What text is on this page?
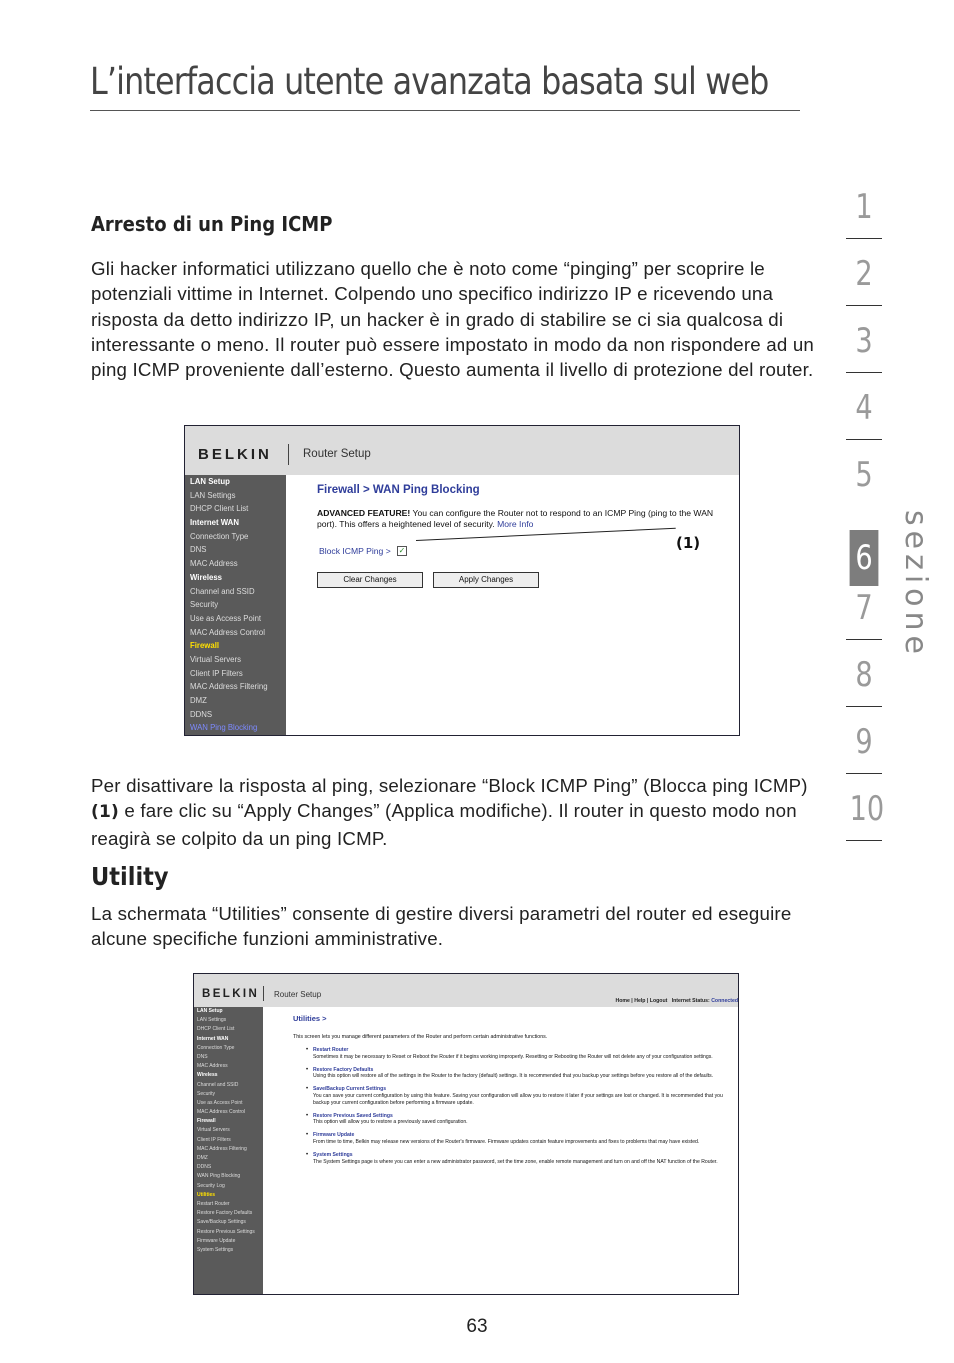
L’interfaccia utente avanzata basata sul web
1
2
3
4
5
6
7
8
9
10
sezione
Arresto di un Ping ICMP

Gli hacker informatici utilizzano quello che è noto come “pinging” per scoprire le potenziali vittime in Internet. Colpendo uno specifico indirizzo IP e ricevendo una risposta da detto indirizzo IP, un hacker è in grado di stabilire se ci sia qualcosa di interessante o meno. Il router può essere impostato in modo da non rispondere ad un ping ICMP proveniente dall’esterno. Questo aumenta il livello di protezione del router.

BELKIN	Router Setup
LAN Setup
LAN Settings
DHCP Client List
Internet WAN
Connection Type
DNS
MAC Address
Wireless
Channel and SSID
Security
Use as Access Point
MAC Address Control
Firewall
Virtual Servers
Client IP Filters
MAC Address Filtering
DMZ
DDNS
WAN Ping Blocking
Firewall > WAN Ping Blocking
ADVANCED FEATURE! You can configure the Router not to respond to an ICMP Ping (ping to the WAN port). This offers a heightened level of security. More Info
Block ICMP Ping > ✓
Clear Changes	Apply Changes
(1)

Per disattivare la risposta al ping, selezionare “Block ICMP Ping” (Blocca ping ICMP) (1) e fare clic su “Apply Changes” (Applica modifiche). Il router in questo modo non reagirà se colpito da un ping ICMP.

Utility

La schermata “Utilities” consente di gestire diversi parametri del router ed eseguire alcune specifiche funzioni amministrative.

BELKIN Router Setup
Home | Help | Logout Internet Status: Connected
LAN Setup
LAN Settings
DHCP Client List
Internet WAN
Connection Type
DNS
MAC Address
Wireless
Channel and SSID
Security
Use as Access Point
MAC Address Control
Firewall
Virtual Servers
Client IP Filters
MAC Address Filtering
DMZ
DDNS
WAN Ping Blocking
Security Log
Utilities
Restart Router
Restore Factory Defaults
Save/Backup Settings
Restore Previous Settings
Firmware Update
System Settings
Utilities >
This screen lets you manage different parameters of the Router and perform certain administrative functions.
• Restart Router
Sometimes it may be necessary to Reset or Reboot the Router if it begins working improperly. Resetting or Rebooting the Router will not delete any of your configuration settings.
• Restore Factory Defaults
Using this option will restore all of the settings in the Router to the factory (default) settings. It is recommended that you backup your settings before you restore all of the defaults.
• Save/Backup Current Settings
You can save your current configuration by using this feature. Saving your configuration will allow you to restore it later if your settings are lost or changed. It is recommended that you backup your current configuration before performing a firmware update.
• Restore Previous Saved Settings
This option will allow you to restore a previously saved configuration.
• Firmware Update
From time to time, Belkin may release new versions of the Router's firmware. Firmware updates contain feature improvements and fixes to problems that may have existed.
• System Settings
The System Settings page is where you can enter a new administrator password, set the time zone, enable remote management and turn on and off the NAT function of the Router.
63
